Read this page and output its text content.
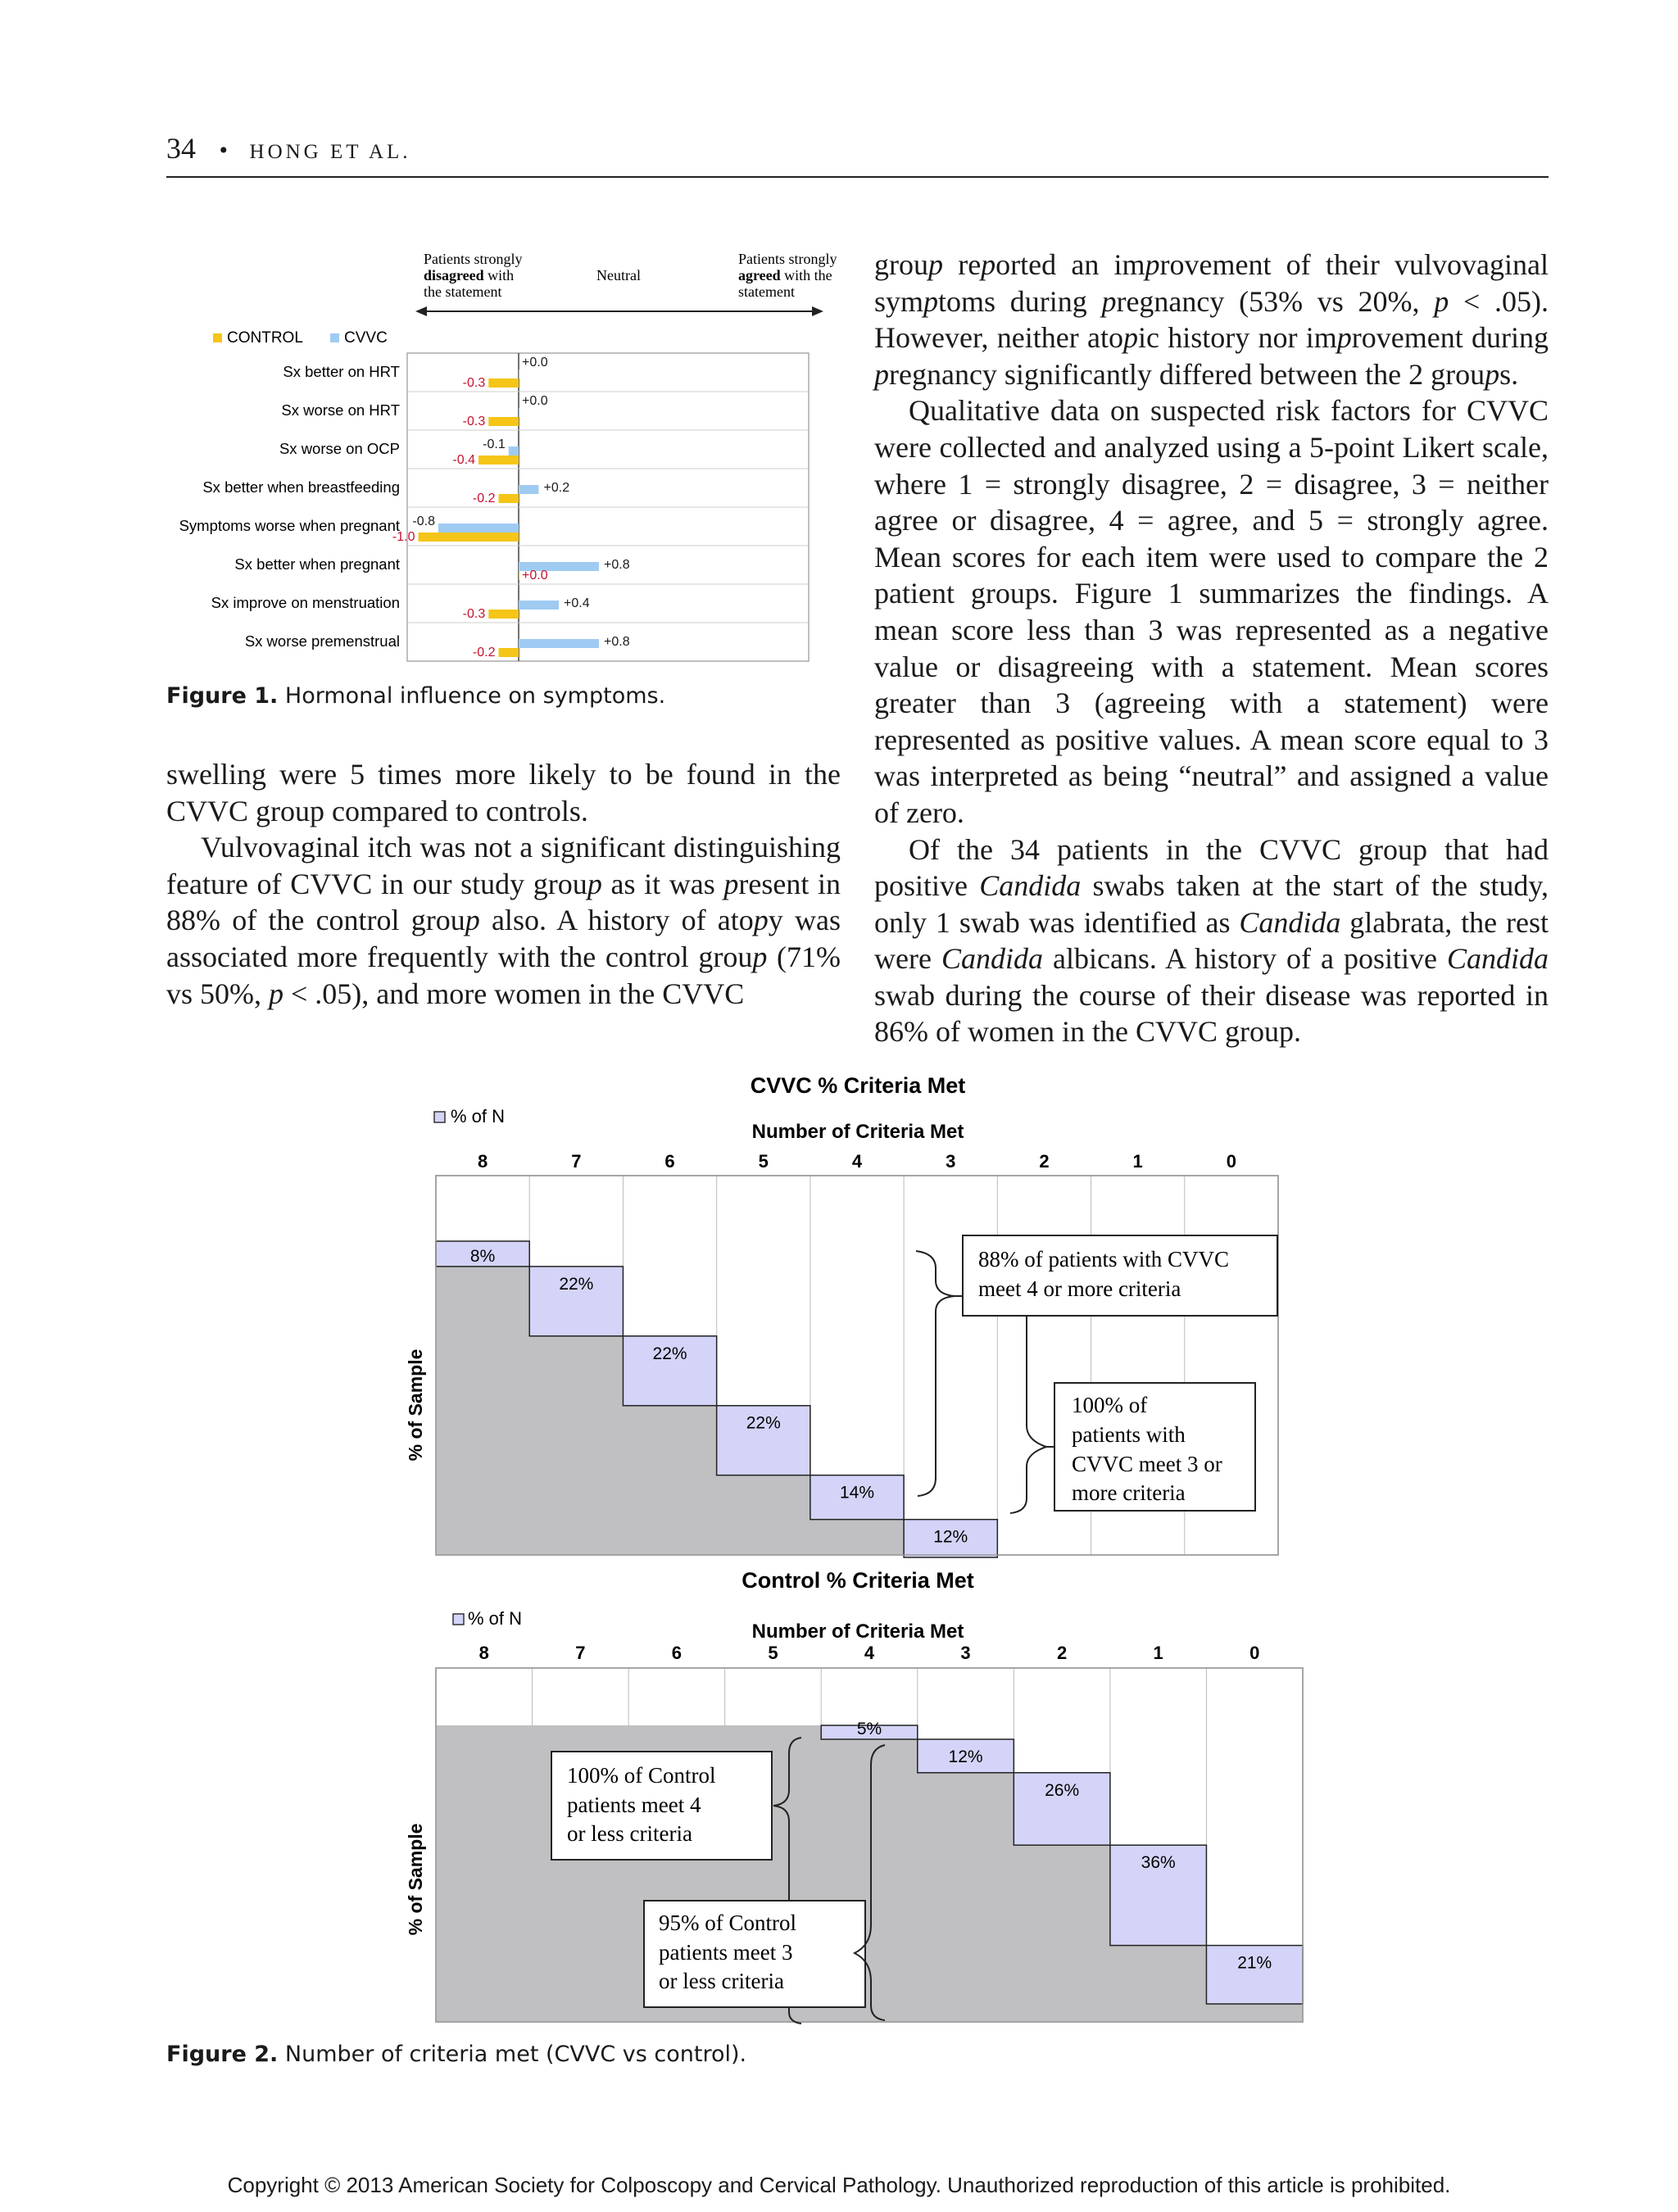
34 • HONG ET AL.
Patients strongly
disagreed with
the statement
Neutral
Patients strongly
agreed with the
statement
CONTROL	CVVC
Sx better on HRT
-0.3
+0.0
Sx worse on HRT
-0.3
+0.0
Sx worse on OCP
-0.4
-0.1
Sx better when breastfeeding
-0.2
+0.2
Symptoms worse when pregnant
-1.0
-0.8
Sx better when pregnant
+0.0
+0.8
Sx improve on menstruation
-0.3
+0.4
Sx worse premenstrual
-0.2
+0.8
Figure 1. Hormonal influence on symptoms.

swelling were 5 times more likely to be found in the CVVC group compared to controls.

Vulvovaginal itch was not a significant distinguishing feature of CVVC in our study group as it was present in 88% of the control group also. A history of atopy was associated more frequently with the control group (71% vs 50%, p < .05), and more women in the CVVC

group reported an improvement of their vulvovaginal symptoms during pregnancy (53% vs 20%, p < .05). However, neither atopic history nor improvement during pregnancy significantly differed between the 2 groups.

Qualitative data on suspected risk factors for CVVC were collected and analyzed using a 5-point Likert scale, where 1 = strongly disagree, 2 = disagree, 3 = neither agree or disagree, 4 = agree, and 5 = strongly agree. Mean scores for each item were used to compare the 2 patient groups. Figure 1 summarizes the findings. A mean score less than 3 was represented as a negative value or disagreeing with a statement. Mean scores greater than 3 (agreeing with a statement) were represented as positive values. A mean score equal to 3 was interpreted as being “neutral” and assigned a value of zero.

Of the 34 patients in the CVVC group that had positive Candida swabs taken at the start of the study, only 1 swab was identified as Candida glabrata, the rest were Candida albicans. A history of a positive Candida swab during the course of their disease was reported in 86% of women in the CVVC group.

CVVC % Criteria Met
% of N
Number of Criteria Met
8	7	6	5	4	3	2	1	0
% of Sample
8%
22%
22%
22%
14%
12%
88% of patients with CVVC
meet 4 or more criteria
100% of
patients with
CVVC meet 3 or
more criteria
Control % Criteria Met
% of N
Number of Criteria Met
8	7	6	5	4	3	2	1	0
% of Sample
5%
12%
26%
36%
21%
100% of Control
patients meet 4
or less criteria
95% of Control
patients meet 3
or less criteria
Figure 2. Number of criteria met (CVVC vs control).
Copyright © 2013 American Society for Colposcopy and Cervical Pathology. Unauthorized reproduction of this article is prohibited.
